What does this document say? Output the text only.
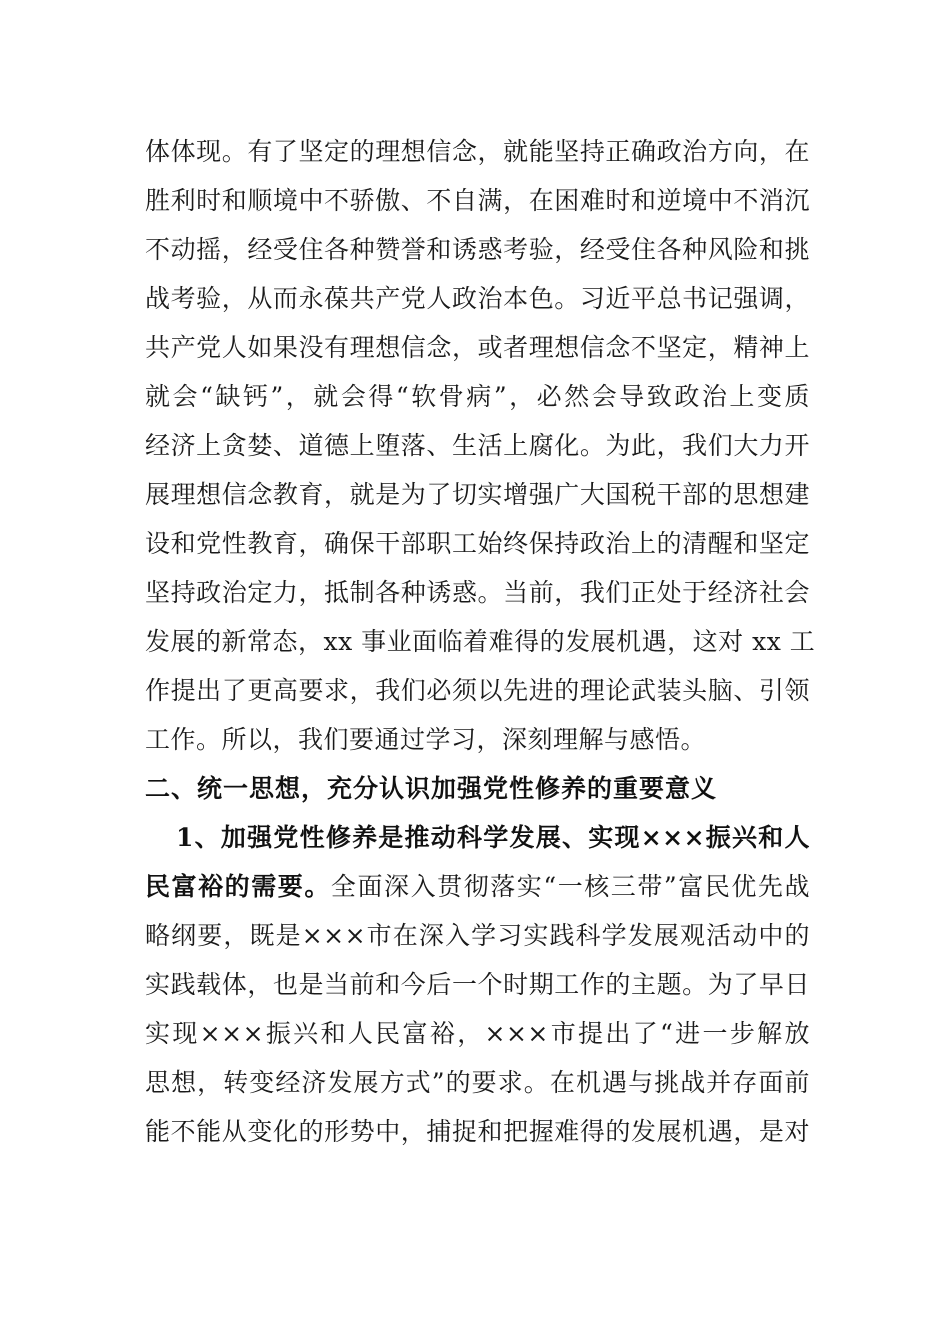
体体现。有了坚定的理想信念，就能坚持正确政治方向，在
胜利时和顺境中不骄傲、不自满，在困难时和逆境中不消沉
不动摇，经受住各种赞誉和诱惑考验，经受住各种风险和挑
战考验，从而永葆共产党人政治本色。习近平总书记强调，
共产党人如果没有理想信念，或者理想信念不坚定，精神上
就会“缺钙”，就会得“软骨病”，必然会导致政治上变质
经济上贪婪、道德上堕落、生活上腐化。为此，我们大力开
展理想信念教育，就是为了切实增强广大国税干部的思想建
设和党性教育，确保干部职工始终保持政治上的清醒和坚定
坚持政治定力，抵制各种诱惑。当前，我们正处于经济社会
发展的新常态，xx 事业面临着难得的发展机遇，这对 xx 工
作提出了更高要求，我们必须以先进的理论武装头脑、引领
工作。所以，我们要通过学习，深刻理解与感悟。
二、统一思想，充分认识加强党性修养的重要意义
1、加强党性修养是推动科学发展、实现×××振兴和人
民富裕的需要。全面深入贯彻落实“一核三带”富民优先战
略纲要，既是×××市在深入学习实践科学发展观活动中的
实践载体，也是当前和今后一个时期工作的主题。为了早日
实现×××振兴和人民富裕，×××市提出了“进一步解放
思想，转变经济发展方式”的要求。在机遇与挑战并存面前
能不能从变化的形势中，捕捉和把握难得的发展机遇，是对
